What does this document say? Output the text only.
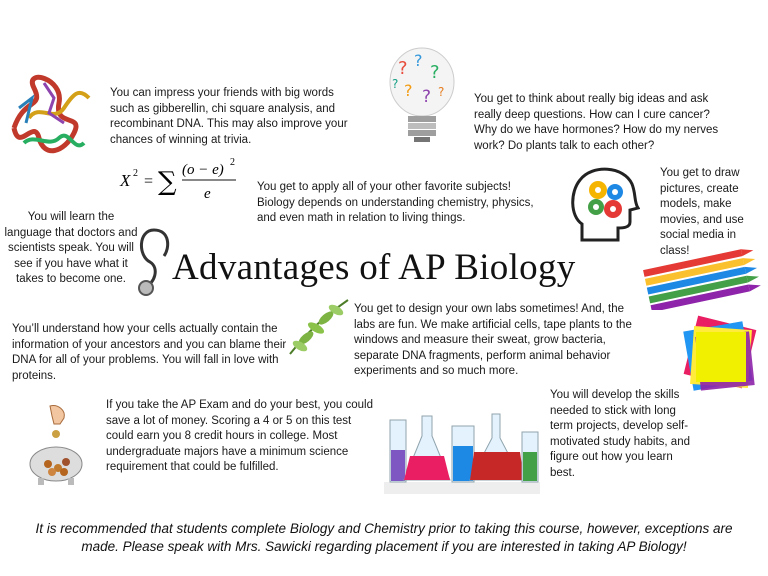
You can impress your friends with big words such as gibberellin, chi square analysis, and recombinant DNA. This may also improve your chances of winning at trivia.
? ?
?
? ?
?
?	You get to think about really big ideas and ask really deep questions. How can I cure cancer? Why do we have hormones? How do my nerves work? Do plants talk to each other?
X 2 = ∑ (o − e) 2
e	You get to apply all of your other favorite subjects! Biology depends on understanding chemistry, physics, and even math in relation to living things.
You get to draw pictures, create models, make movies, and use social media in class!
You will learn the language that doctors and scientists speak. You will see if you have what it takes to become one.	Advantages of AP Biology
You get to design your own labs sometimes! And, the labs are fun. We make artificial cells, tape plants to the windows and measure their sweat, grow bacteria, separate DNA fragments, perform animal behavior experiments and so much more.
You’ll understand how your cells actually contain the information of your ancestors and you can blame their DNA for all of your problems. You will fall in love with proteins.
If you take the AP Exam and do your best, you could save a lot of money. Scoring a 4 or 5 on this test could earn you 8 credit hours in college. Most undergraduate majors have a minimum science requirement that could be fulfilled.
You will develop the skills needed to stick with long term projects, develop self-motivated study habits, and figure out how you learn best.
It is recommended that students complete Biology and Chemistry prior to taking this course, however, exceptions are made. Please speak with Mrs. Sawicki regarding placement if you are interested in taking AP Biology!
